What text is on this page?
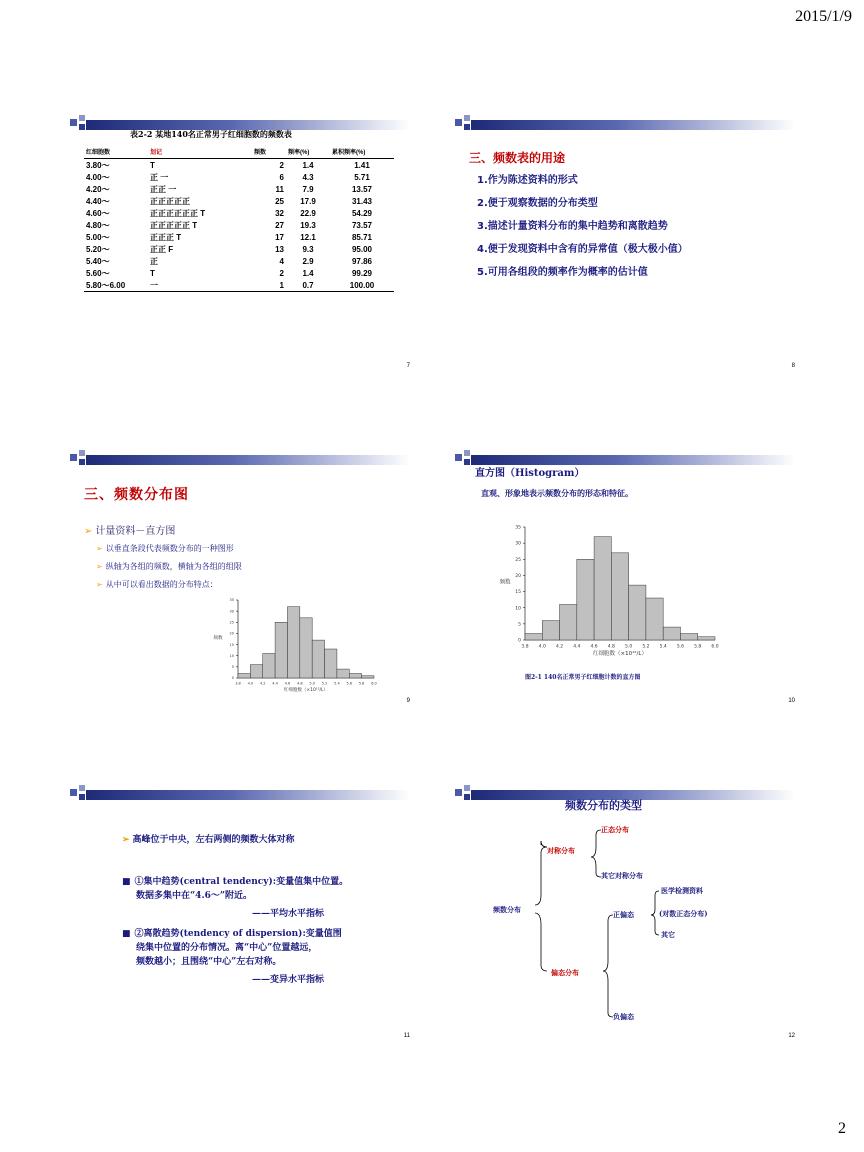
2015/1/9
表2-2 某地140名正常男子红细胞数的频数表
红细胞数	划记	频数	频率(%)	累积频率(%)
3.80～	T	2	1.4	1.41
4.00～	正 一	6	4.3	5.71
4.20～	正正 一	11	7.9	13.57
4.40～	正正正正正	25	17.9	31.43
4.60～	正正正正正正 T	32	22.9	54.29
4.80～	正正正正正 T	27	19.3	73.57
5.00～	正正正 T	17	12.1	85.71
5.20～	正正 F	13	9.3	95.00
5.40～	正	4	2.9	97.86
5.60～	T	2	1.4	99.29
5.80～6.00	一	1	0.7	100.00
7
三、频数表的用途
1.作为陈述资料的形式
2.便于观察数据的分布类型
3.描述计量资料分布的集中趋势和离散趋势
4.便于发现资料中含有的异常值（极大极小值）
5.可用各组段的频率作为概率的估计值
8
三、频数分布图
➢ 计量资料－直方图
➢ 以垂直条段代表频数分布的一种图形
➢ 纵轴为各组的频数，横轴为各组的组限
➢ 从中可以看出数据的分布特点：
0
5
10
15
20
25
30
35
3.8 4.0 4.2 4.4 4.6 4.8 5.0 5.2 5.4 5.6 5.8 6.0
频数
红细胞数（×10¹²/L）
9
直方图（Histogram）
直观、形象地表示频数分布的形态和特征。
0
5
10
15
20
25
30
35
3.8 4.0 4.2 4.4 4.6 4.8 5.0 5.2 5.4 5.6 5.8 6.0
频数
红细胞数（×10¹²/L）
图2-1 140名正常男子红细胞计数的直方图
10
➢ 高峰位于中央，左右两侧的频数大体对称
■ ①集中趋势(central tendency):变量值集中位置。
数据多集中在“4.6～”附近。
——平均水平指标
■ ②离散趋势(tendency of dispersion):变量值围
绕集中位置的分布情况。离“中心”位置越远，
频数越小；且围绕“中心”左右对称。
——变异水平指标
11
频数分布的类型
频数分布
对称分布
正态分布
其它对称分布
偏态分布
正偏态
医学检测资料
(对数正态分布)
其它
负偏态
12
2
